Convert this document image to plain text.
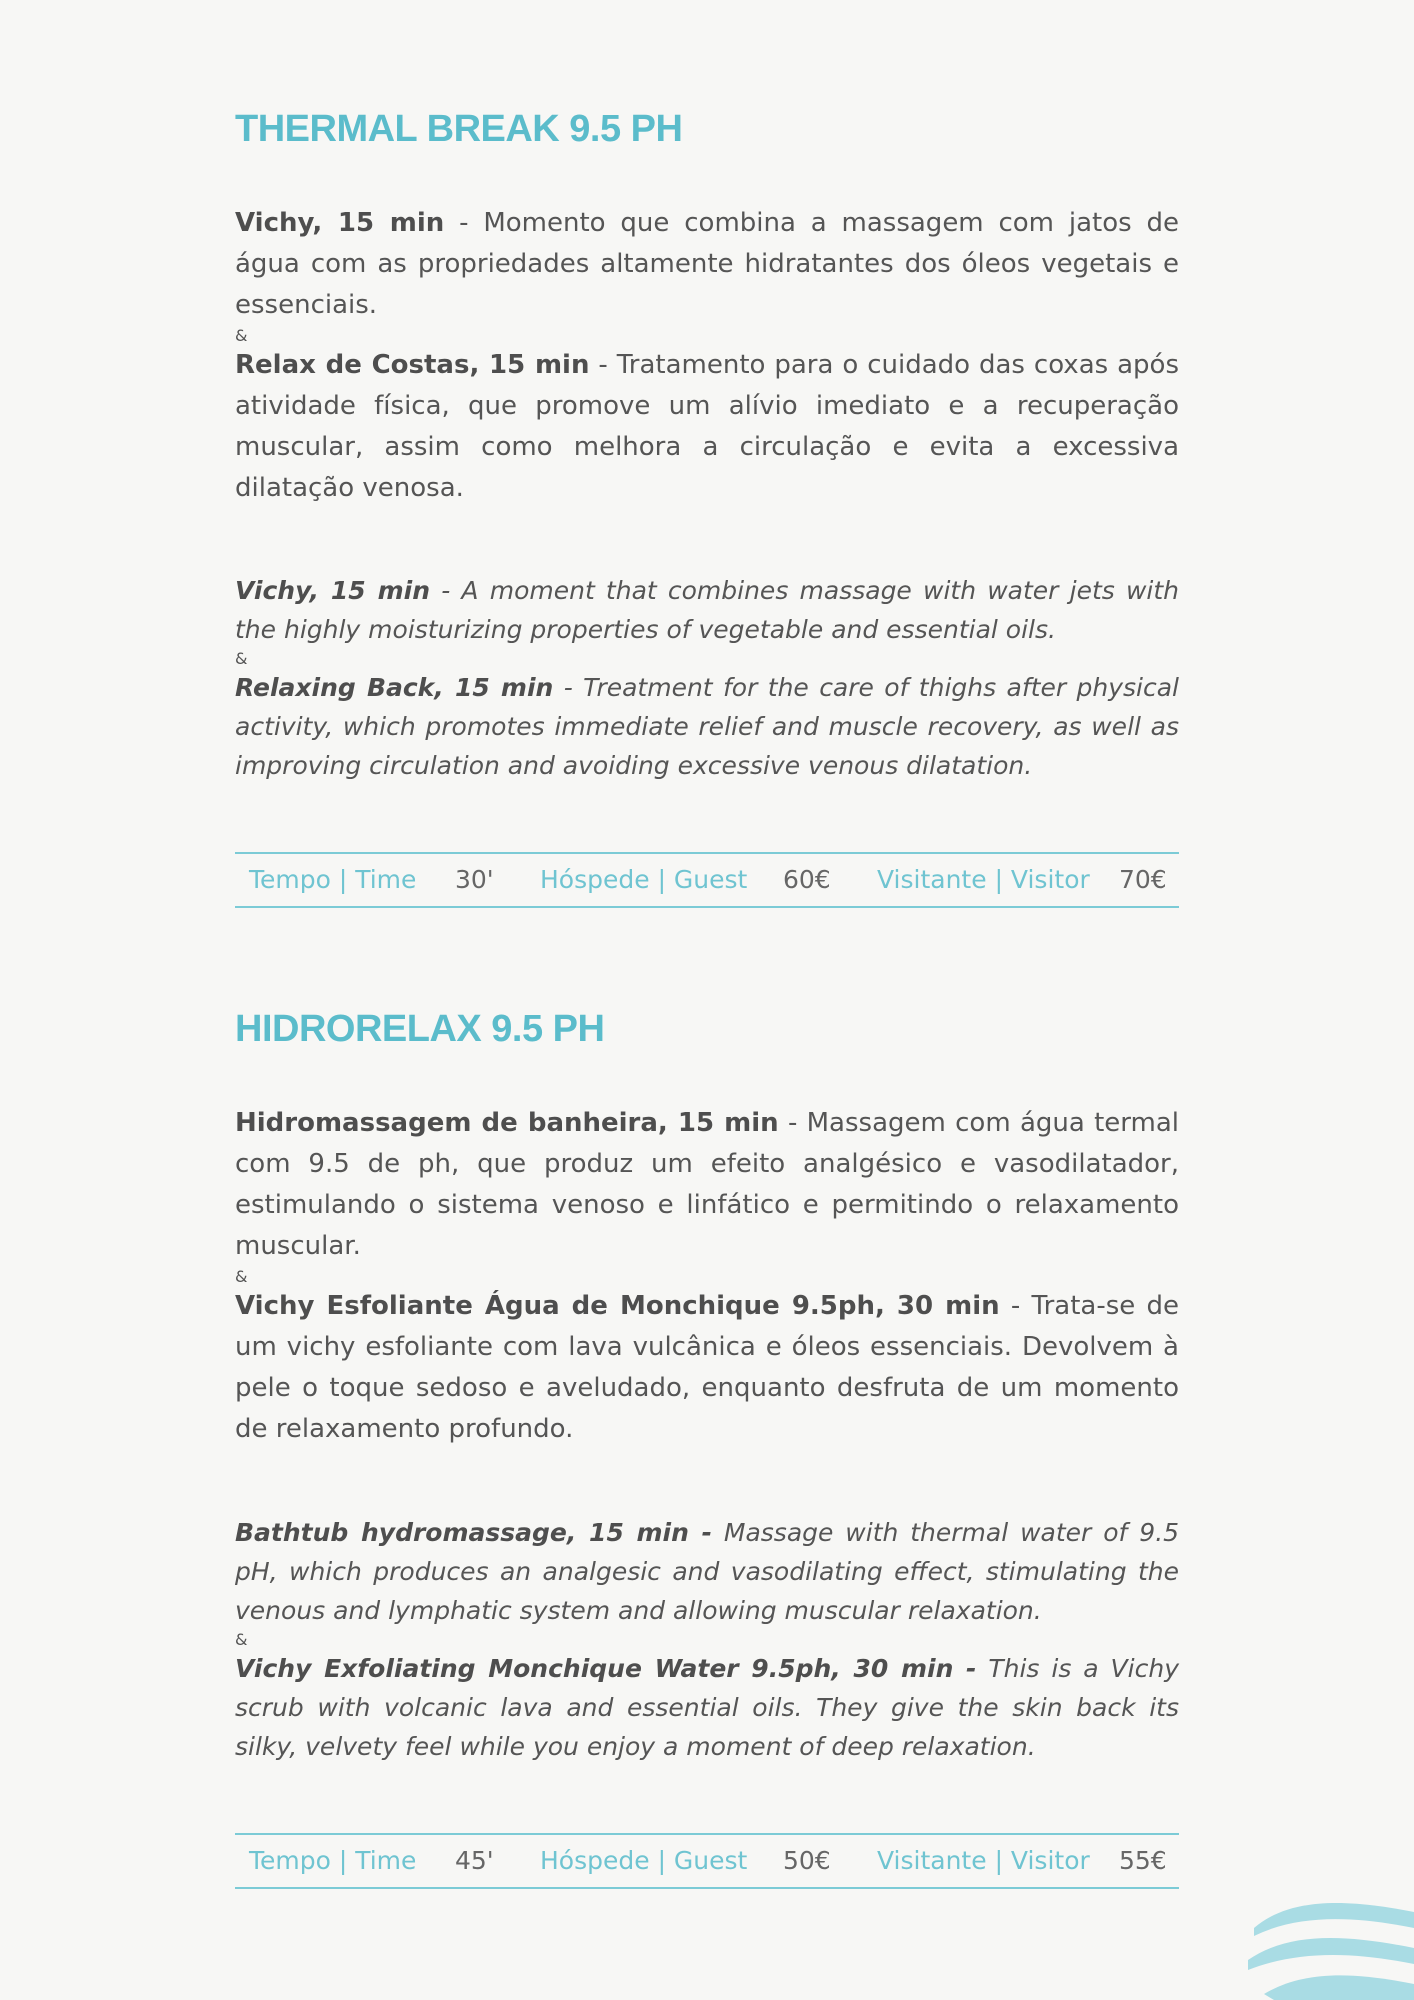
THERMAL BREAK 9.5 PH

Vichy, 15 min - Momento que combina a massagem com jatos de água com as propriedades altamente hidratantes dos óleos vegetais e essenciais.

&

Relax de Costas, 15 min - Tratamento para o cuidado das coxas após atividade física, que promove um alívio imediato e a recuperação muscular, assim como melhora a circulação e evita a excessiva dilatação venosa.

Vichy, 15 min - A moment that combines massage with water jets with the highly moisturizing properties of vegetable and essential oils.

&

Relaxing Back, 15 min - Treatment for the care of thighs after physical activity, which promotes immediate relief and muscle recovery, as well as improving circulation and avoiding excessive venous dilatation.

Tempo | Time 30' Hóspede | Guest 60€ Visitante | Visitor 70€
HIDRORELAX 9.5 PH

Hidromassagem de banheira, 15 min - Massagem com água termal com 9.5 de ph, que produz um efeito analgésico e vasodilatador, estimulando o sistema venoso e linfático e permitindo o relaxamento muscular.

&

Vichy Esfoliante Água de Monchique 9.5ph, 30 min - Trata-se de um vichy esfoliante com lava vulcânica e óleos essenciais. Devolvem à pele o toque sedoso e aveludado, enquanto desfruta de um momento de relaxamento profundo.

Bathtub hydromassage, 15 min - Massage with thermal water of 9.5 pH, which produces an analgesic and vasodilating effect, stimulating the venous and lymphatic system and allowing muscular relaxation.

&

Vichy Exfoliating Monchique Water 9.5ph, 30 min - This is a Vichy scrub with volcanic lava and essential oils. They give the skin back its silky, velvety feel while you enjoy a moment of deep relaxation.

Tempo | Time 45' Hóspede | Guest 50€ Visitante | Visitor 55€
